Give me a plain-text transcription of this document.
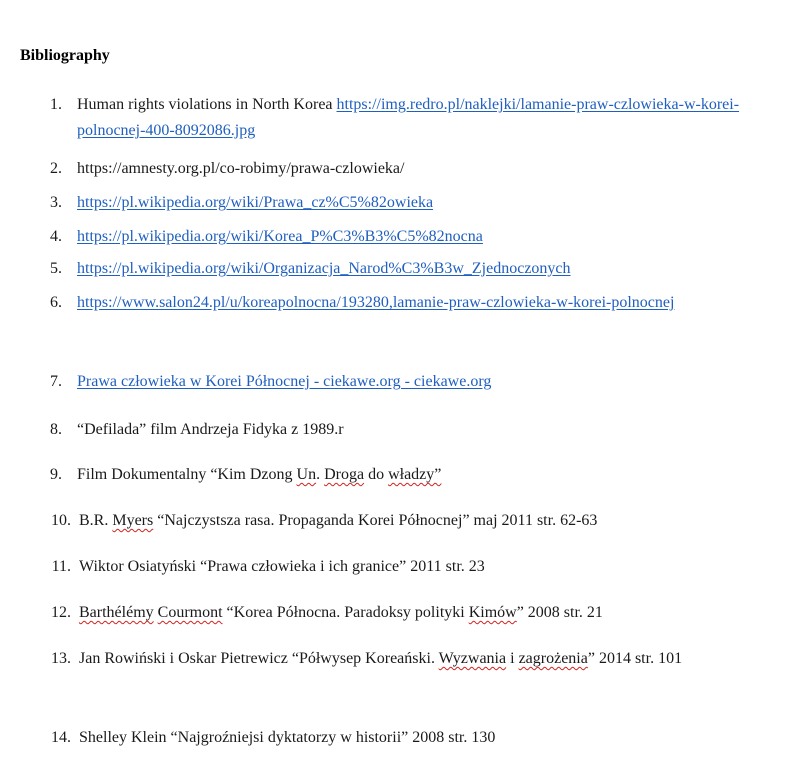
Bibliography
1. Human rights violations in North Korea https://img.redro.pl/naklejki/lamanie-praw-czlowieka-w-korei-polnocnej-400-8092086.jpg
2. https://amnesty.org.pl/co-robimy/prawa-czlowieka/
3. https://pl.wikipedia.org/wiki/Prawa_cz%C5%82owieka
4. https://pl.wikipedia.org/wiki/Korea_P%C3%B3%C5%82nocna
5. https://pl.wikipedia.org/wiki/Organizacja_Narod%C3%B3w_Zjednoczonych
6. https://www.salon24.pl/u/koreapolnocna/193280,lamanie-praw-czlowieka-w-korei-polnocnej
7. Prawa człowieka w Korei Północnej - ciekawe.org - ciekawe.org
8. “Defilada” film Andrzeja Fidyka z 1989.r
9. Film Dokumentalny “Kim Dzong Un. Droga do władzy”
10. B.R. Myers “Najczystsza rasa. Propaganda Korei Północnej” maj 2011 str. 62-63
11. Wiktor Osiatyński “Prawa człowieka i ich granice” 2011 str. 23
12. Barthélémy Courmont “Korea Północna. Paradoksy polityki Kimów” 2008 str. 21
13. Jan Rowiński i Oskar Pietrewicz “Półwysep Koreański. Wyzwania i zagrożenia” 2014 str. 101
14. Shelley Klein “Najgroźniejsi dyktatorzy w historii” 2008 str. 130
